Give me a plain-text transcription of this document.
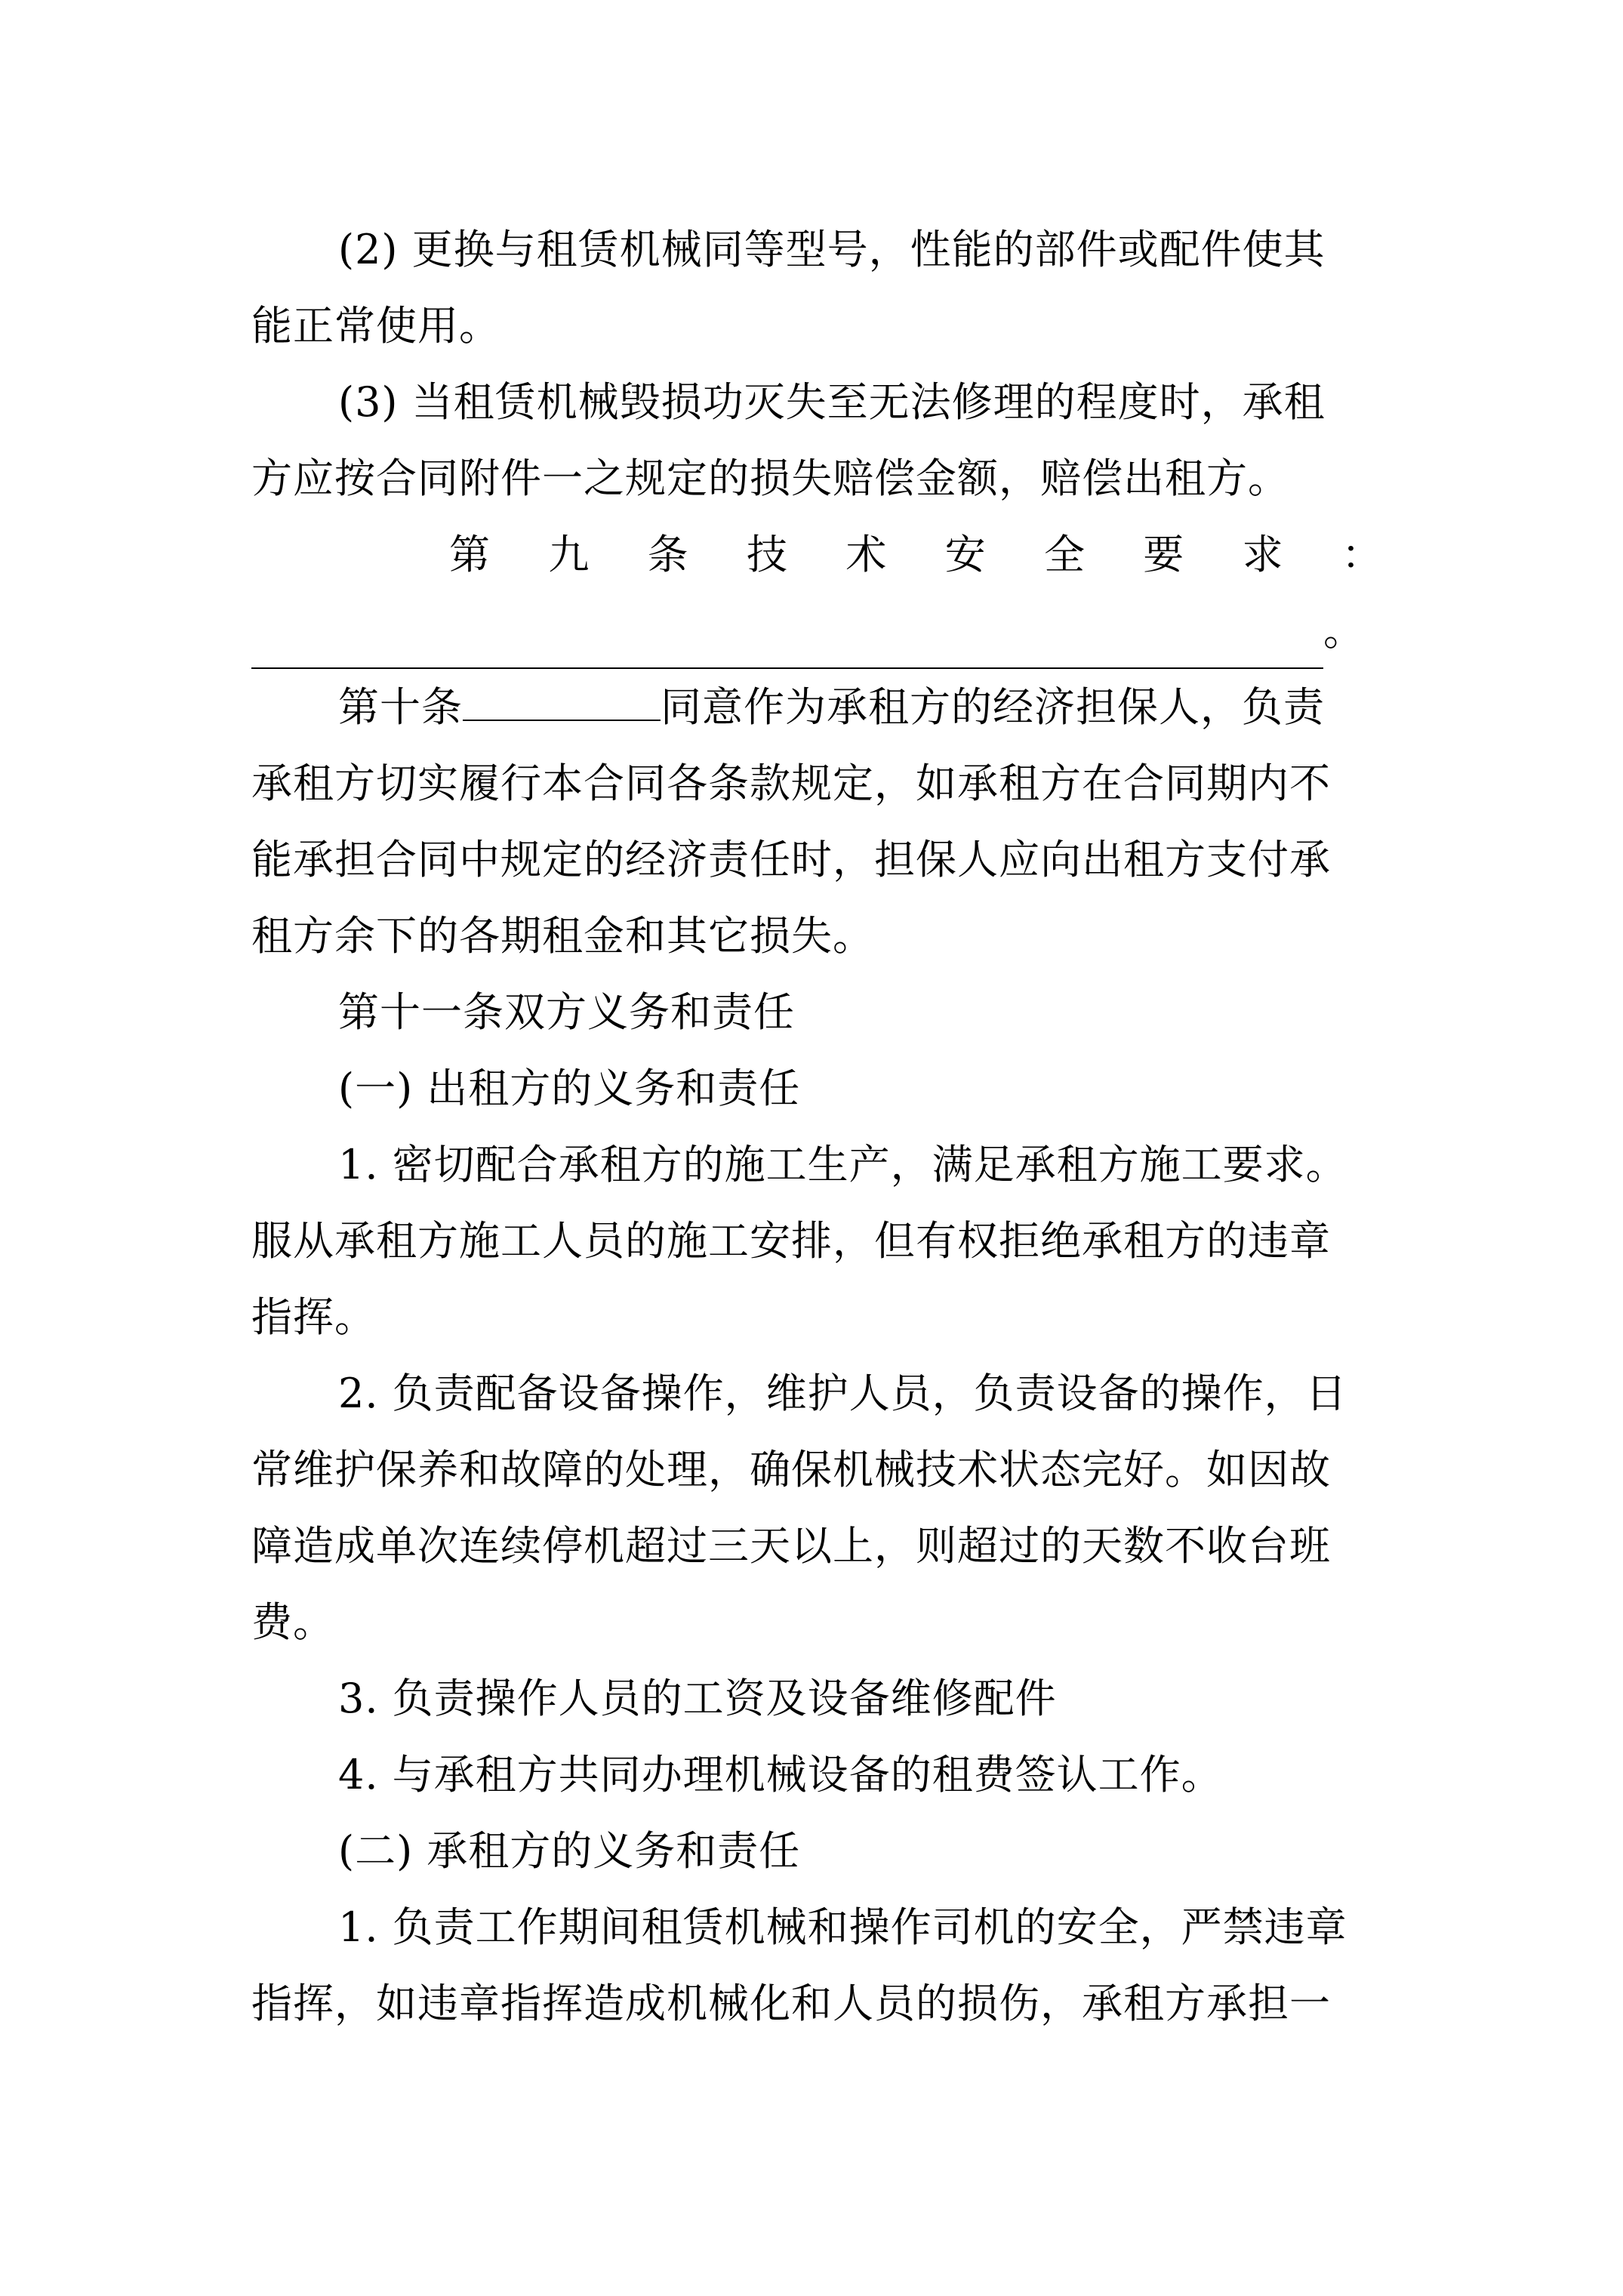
(2) 更换与租赁机械同等型号，性能的部件或配件使其
能正常使用。

(3) 当租赁机械毁损功灭失至无法修理的程度时，承租
方应按合同附件一之规定的损失赔偿金额，赔偿出租方。

第 九 条 技 术 安 全 要 求 ：
。

第十条	同意作为承租方的经济担保人，负责
承租方切实履行本合同各条款规定，如承租方在合同期内不
能承担合同中规定的经济责任时，担保人应向出租方支付承
租方余下的各期租金和其它损失。

第十一条双方义务和责任

(一) 出租方的义务和责任

1. 密切配合承租方的施工生产，满足承租方施工要求。
服从承租方施工人员的施工安排，但有权拒绝承租方的违章
指挥。

2. 负责配备设备操作，维护人员，负责设备的操作，日
常维护保养和故障的处理，确保机械技术状态完好。如因故
障造成单次连续停机超过三天以上，则超过的天数不收台班
费。

3. 负责操作人员的工资及设备维修配件

4. 与承租方共同办理机械设备的租费签认工作。

(二) 承租方的义务和责任

1. 负责工作期间租赁机械和操作司机的安全，严禁违章
指挥，如违章指挥造成机械化和人员的损伤，承租方承担一
